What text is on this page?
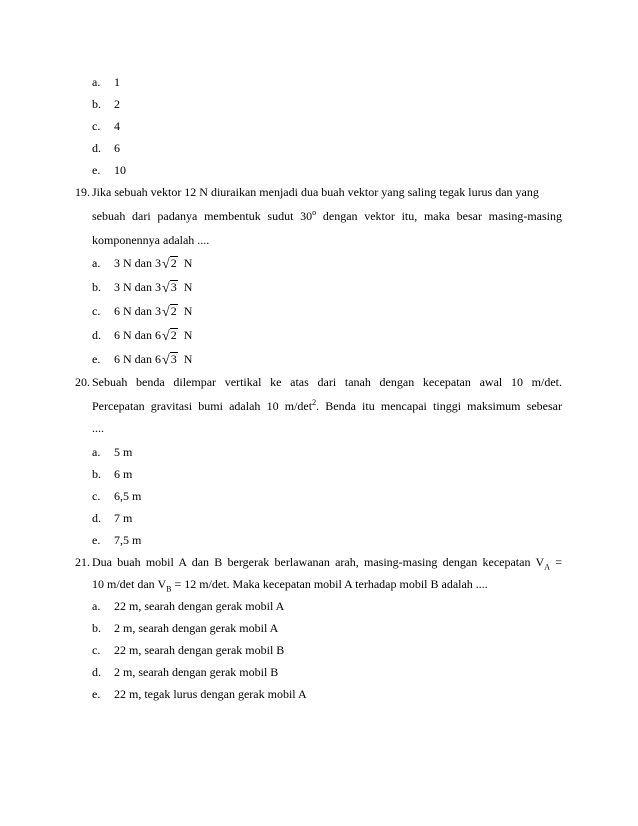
a. 1
b. 2
c. 4
d. 6
e. 10
19. Jika sebuah vektor 12 N diuraikan menjadi dua buah vektor yang saling tegak lurus dan yang
sebuah dari padanya membentuk sudut 30$^o$ dengan vektor itu, maka besar masing-masing
komponennya adalah ....
a. 3 N dan 3√2 N
b. 3 N dan 3√3 N
c. 6 N dan 3√2 N
d. 6 N dan 6√2 N
e. 6 N dan 6√3 N
20. Sebuah benda dilempar vertikal ke atas dari tanah dengan kecepatan awal 10 m/det.
Percepatan gravitasi bumi adalah 10 $m/\det^2$. Benda itu mencapai tinggi maksimum sebesar
....
a. 5 m
b. 6 m
c. 6,5 m
d. 7 m
e. 7,5 m
21. Dua buah mobil A dan B bergerak berlawanan arah, masing-masing dengan kecepatan $V_A$ =
10 m/det dan $V_B = 12$ m/det. Maka kecepatan mobil A terhadap mobil B adalah ....
a. 22 m, searah dengan gerak mobil A
b. 2 m, searah dengan gerak mobil A
c. 22 m, searah dengan gerak mobil B
d. 2 m, searah dengan gerak mobil B
e. 22 m, tegak lurus dengan gerak mobil A
